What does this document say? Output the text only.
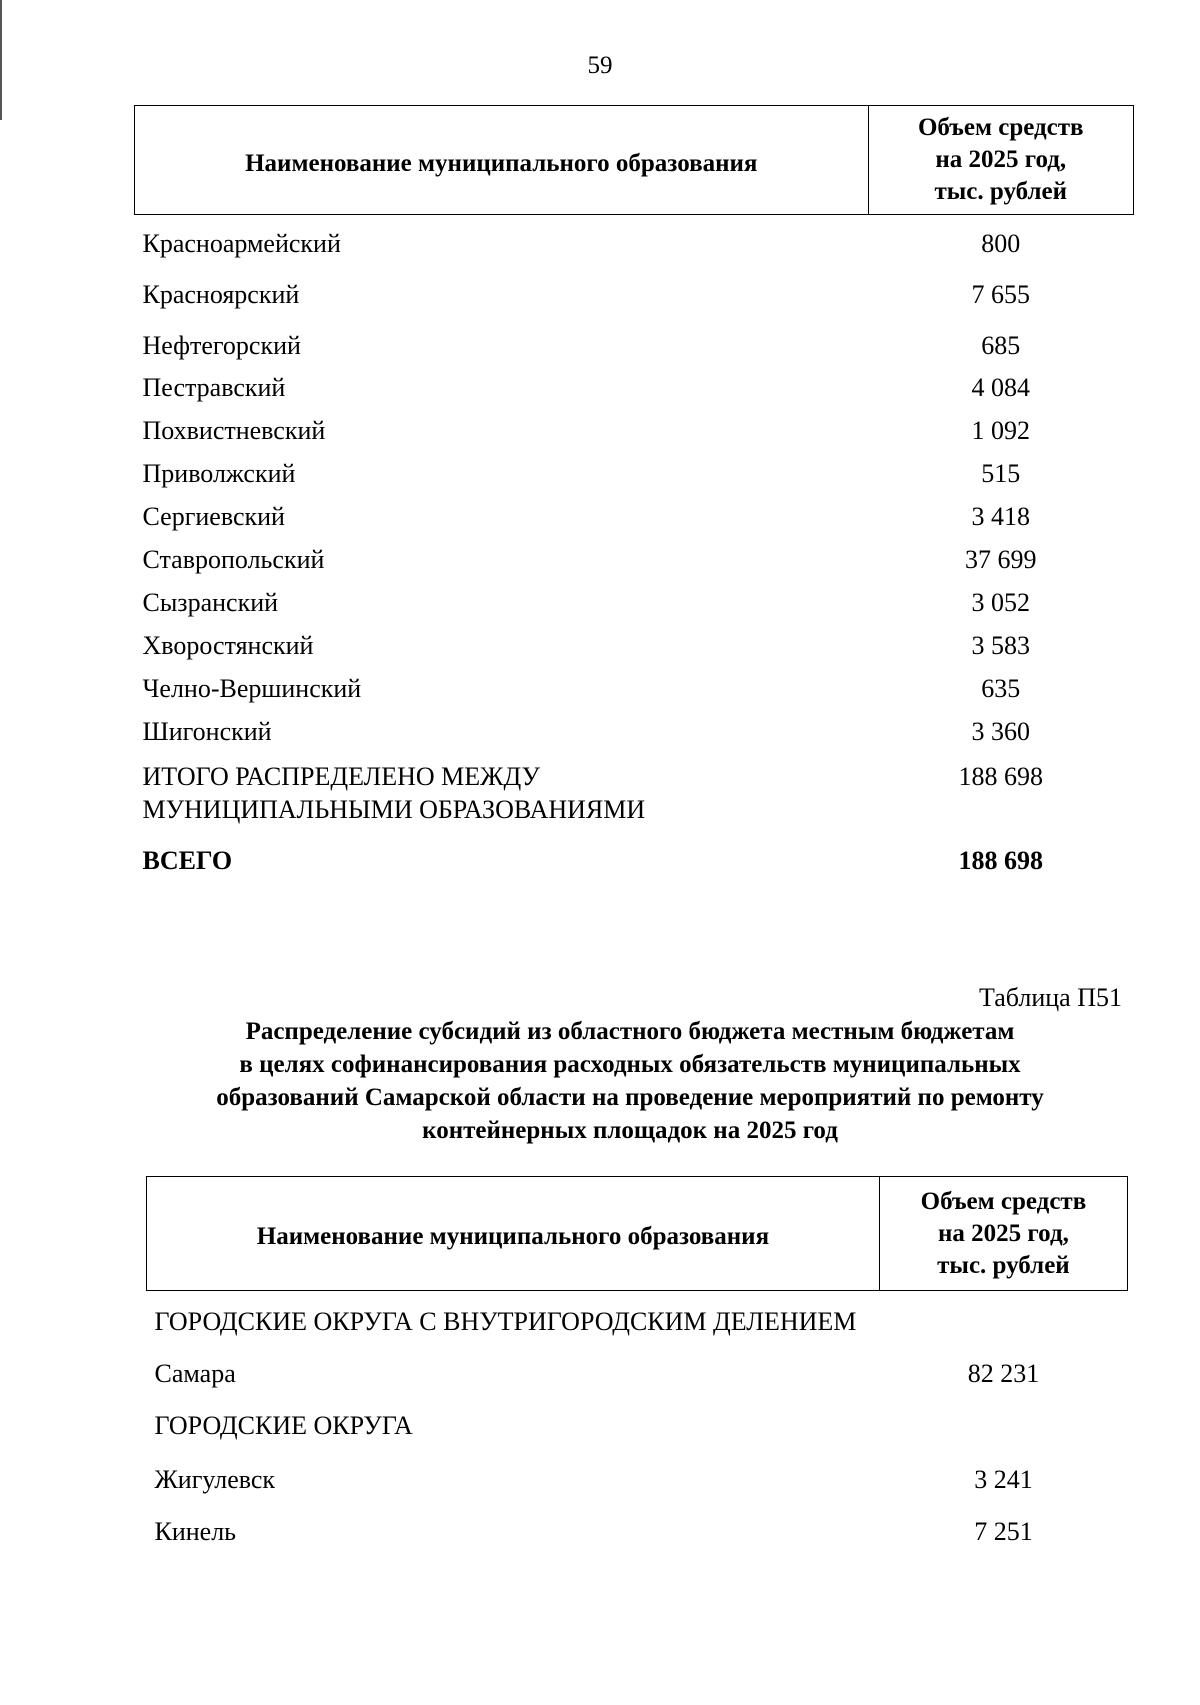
59
Наименование муниципального образования	Объем средств
на 2025 год,
тыс. рублей

Красноармейский	800
Красноярский	7 655
Нефтегорский	685
Пестравский	4 084
Похвистневский	1 092
Приволжский	515
Сергиевский	3 418
Ставропольский	37 699
Сызранский	3 052
Хворостянский	3 583
Челно-Вершинский	635
Шигонский	3 360

ИТОГО РАСПРЕДЕЛЕНО МЕЖДУ
МУНИЦИПАЛЬНЫМИ ОБРАЗОВАНИЯМИ	188 698
ВСЕГО	188 698
Таблица П51
Распределение субсидий из областного бюджета местным бюджетам
в целях софинансирования расходных обязательств муниципальных
образований Самарской области на проведение мероприятий по ремонту
контейнерных площадок на 2025 год
Наименование муниципального образования	Объем средств
на 2025 год,
тыс. рублей

ГОРОДСКИЕ ОКРУГА С ВНУТРИГОРОДСКИМ ДЕЛЕНИЕМ	
Самара	82 231
ГОРОДСКИЕ ОКРУГА	
Жигулевск	3 241
Кинель	7 251
